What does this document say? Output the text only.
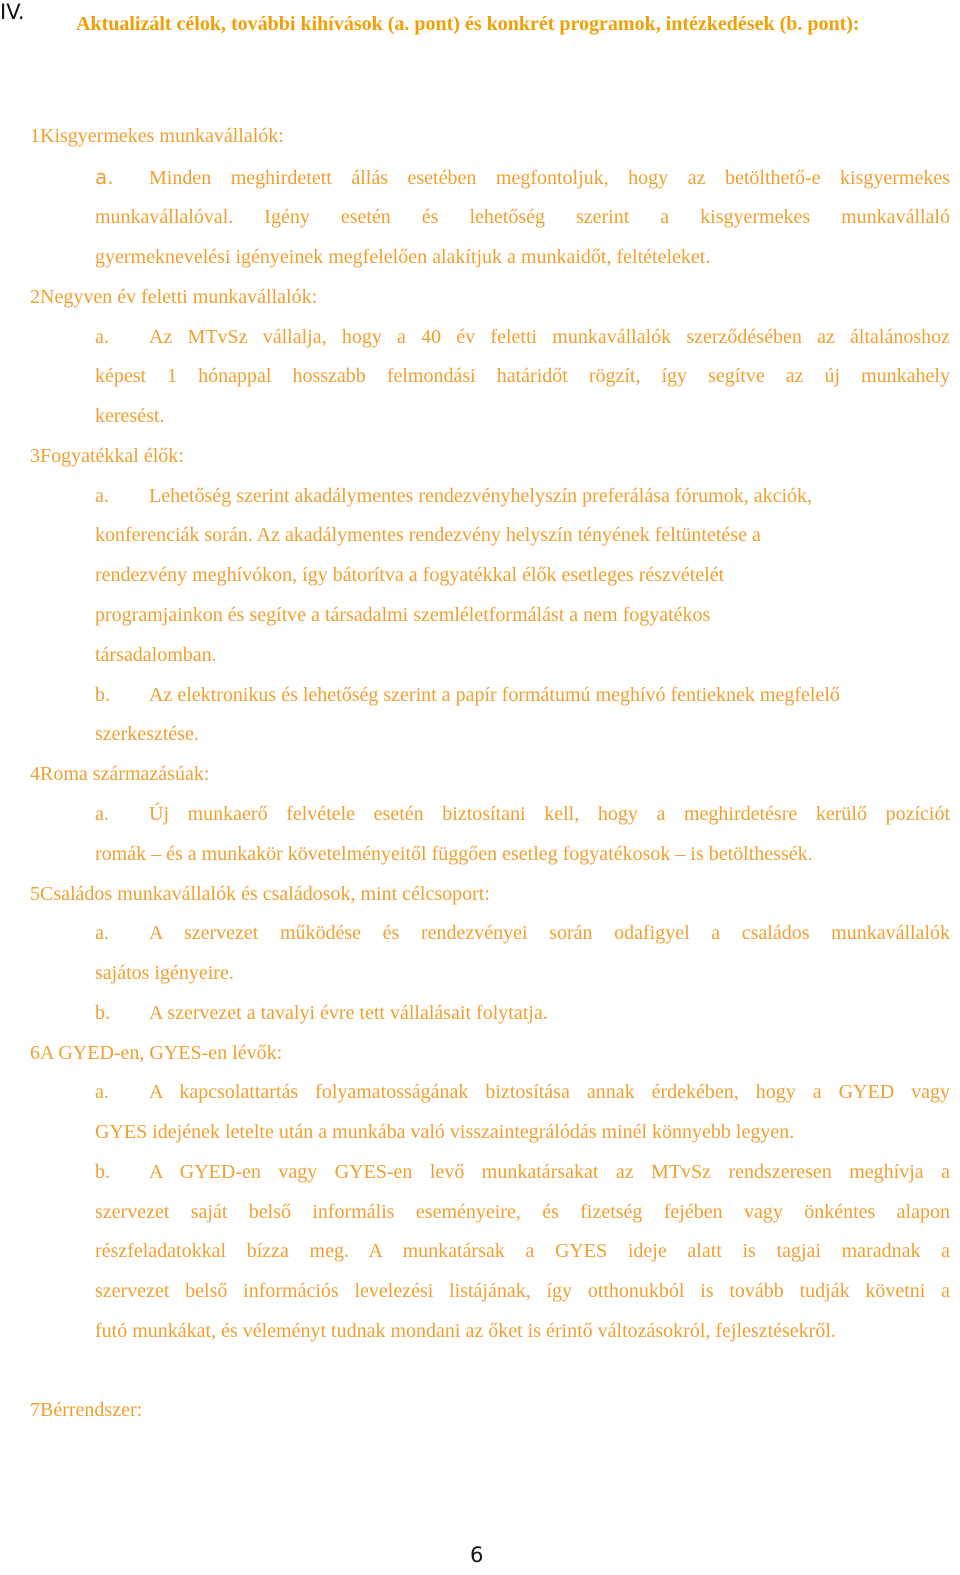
IV.	Aktualizált célok, további kihívások (a. pont) és konkrét programok, intézkedések (b. pont):
1Kisgyermekes munkavállalók:
a. Minden meghirdetett állás esetében megfontoljuk, hogy az betölthető-e kisgyermekes
munkavállalóval. Igény esetén és lehetőség szerint a kisgyermekes munkavállaló
gyermeknevelési igényeinek megfelelően alakítjuk a munkaidőt, feltételeket.
2Negyven év feletti munkavállalók:
a. Az MTvSz vállalja, hogy a 40 év feletti munkavállalók szerződésében az általánoshoz
képest 1 hónappal hosszabb felmondási határidőt rögzít, így segítve az új munkahely
keresést.
3Fogyatékkal élők:
a. Lehetőség szerint akadálymentes rendezvényhelyszín preferálása fórumok, akciók,
konferenciák során. Az akadálymentes rendezvény helyszín tényének feltüntetése a
rendezvény meghívókon, így bátorítva a fogyatékkal élők esetleges részvételét
programjainkon és segítve a társadalmi szemléletformálást a nem fogyatékos
társadalomban.
b. Az elektronikus és lehetőség szerint a papír formátumú meghívó fentieknek megfelelő
szerkesztése.
4Roma származásúak:
a. Új munkaerő felvétele esetén biztosítani kell, hogy a meghirdetésre kerülő pozíciót
romák – és a munkakör követelményeitől függően esetleg fogyatékosok – is betölthessék.
5Családos munkavállalók és családosok, mint célcsoport:
a. A szervezet működése és rendezvényei során odafigyel a családos munkavállalók
sajátos igényeire.
b. A szervezet a tavalyi évre tett vállalásait folytatja.
6A GYED-en, GYES-en lévők:
a. A kapcsolattartás folyamatosságának biztosítása annak érdekében, hogy a GYED vagy
GYES idejének letelte után a munkába való visszaintegrálódás minél könnyebb legyen.
b. A GYED-en vagy GYES-en levő munkatársakat az MTvSz rendszeresen meghívja a
szervezet saját belső informális eseményeire, és fizetség fejében vagy önkéntes alapon
részfeladatokkal bízza meg. A munkatársak a GYES ideje alatt is tagjai maradnak a
szervezet belső információs levelezési listájának, így otthonukból is tovább tudják követni a
futó munkákat, és véleményt tudnak mondani az őket is érintő változásokról, fejlesztésekről.
7Bérrendszer:
6
